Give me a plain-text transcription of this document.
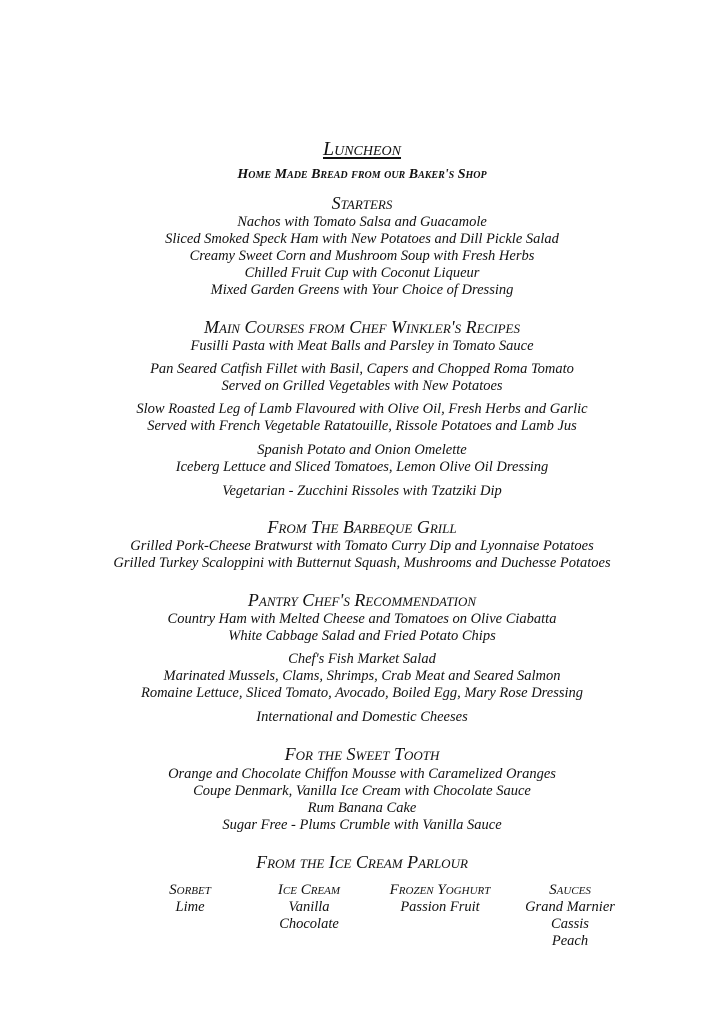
Luncheon
Home Made Bread from our Baker's Shop
Starters
Nachos with Tomato Salsa and Guacamole
Sliced Smoked Speck Ham with New Potatoes and Dill Pickle Salad
Creamy Sweet Corn and Mushroom Soup with Fresh Herbs
Chilled Fruit Cup with Coconut Liqueur
Mixed Garden Greens with Your Choice of Dressing
Main Courses from Chef Winkler's Recipes
Fusilli Pasta with Meat Balls and Parsley in Tomato Sauce
Pan Seared Catfish Fillet with Basil, Capers and Chopped Roma Tomato
Served on Grilled Vegetables with New Potatoes
Slow Roasted Leg of Lamb Flavoured with Olive Oil, Fresh Herbs and Garlic
Served with French Vegetable Ratatouille, Rissole Potatoes and Lamb Jus
Spanish Potato and Onion Omelette
Iceberg Lettuce and Sliced Tomatoes, Lemon Olive Oil Dressing
Vegetarian - Zucchini Rissoles with Tzatziki Dip
From The Barbeque Grill
Grilled Pork-Cheese Bratwurst with Tomato Curry Dip and Lyonnaise Potatoes
Grilled Turkey Scaloppini with Butternut Squash, Mushrooms and Duchesse Potatoes
Pantry Chef's Recommendation
Country Ham with Melted Cheese and Tomatoes on Olive Ciabatta
White Cabbage Salad and Fried Potato Chips
Chef's Fish Market Salad
Marinated Mussels, Clams, Shrimps, Crab Meat and Seared Salmon
Romaine Lettuce, Sliced Tomato, Avocado, Boiled Egg, Mary Rose Dressing
International and Domestic Cheeses
For the Sweet Tooth
Orange and Chocolate Chiffon Mousse with Caramelized Oranges
Coupe Denmark, Vanilla Ice Cream with Chocolate Sauce
Rum Banana Cake
Sugar Free - Plums Crumble with Vanilla Sauce
From the Ice Cream Parlour
Sorbet
Lime
Ice Cream
Vanilla
Chocolate
Frozen Yoghurt
Passion Fruit
Sauces
Grand Marnier
Cassis
Peach
